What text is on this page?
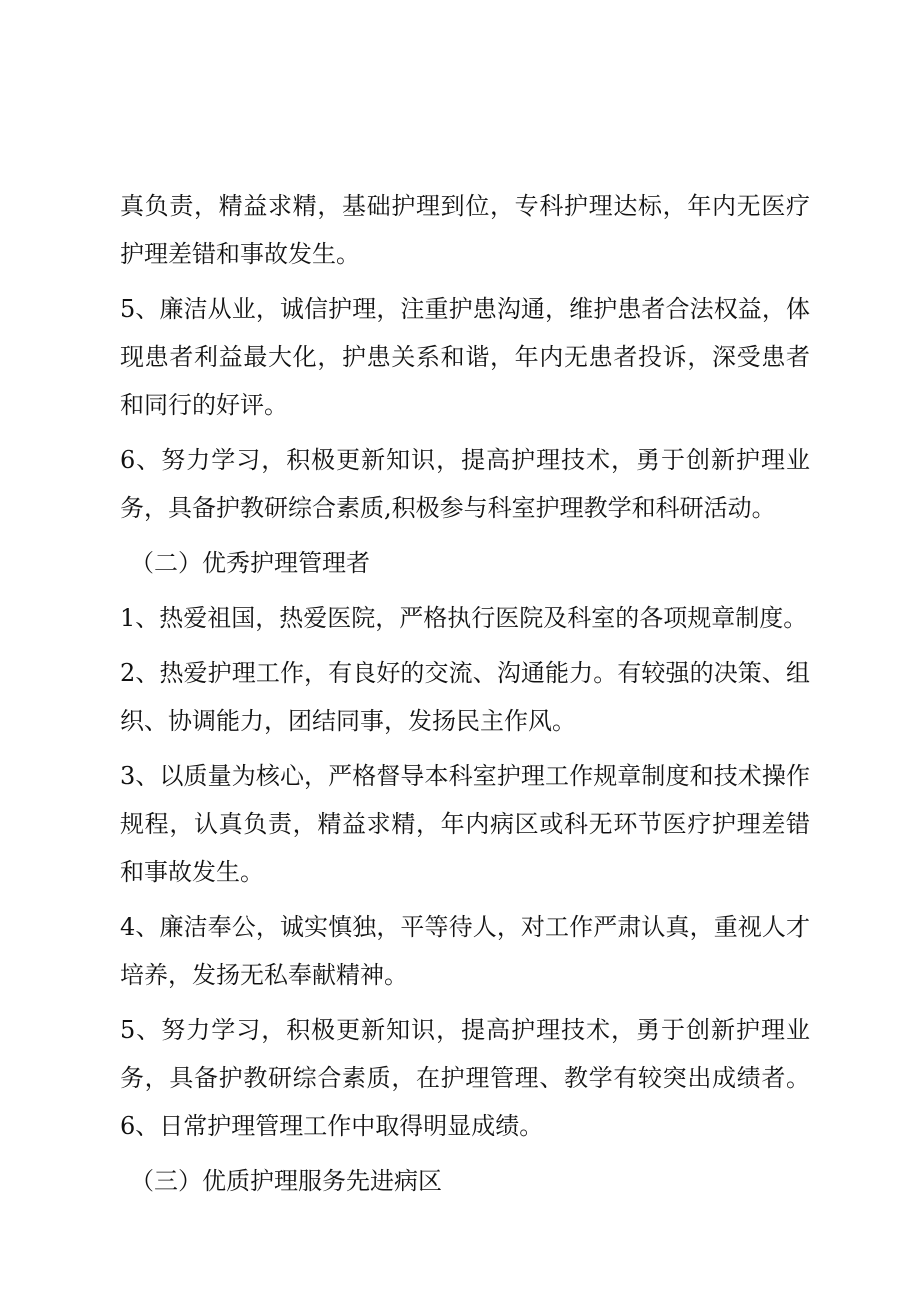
真负责，精益求精，基础护理到位，专科护理达标，年内无医疗护理差错和事故发生。

5、廉洁从业，诚信护理，注重护患沟通，维护患者合法权益，体现患者利益最大化，护患关系和谐，年内无患者投诉，深受患者和同行的好评。

6、努力学习，积极更新知识，提高护理技术，勇于创新护理业务，具备护教研综合素质,积极参与科室护理教学和科研活动。

（二）优秀护理管理者

1、热爱祖国，热爱医院，严格执行医院及科室的各项规章制度。

2、热爱护理工作，有良好的交流、沟通能力。有较强的决策、组织、协调能力，团结同事，发扬民主作风。

3、以质量为核心，严格督导本科室护理工作规章制度和技术操作规程，认真负责，精益求精，年内病区或科无环节医疗护理差错和事故发生。

4、廉洁奉公，诚实慎独，平等待人，对工作严肃认真，重视人才培养，发扬无私奉献精神。

5、努力学习，积极更新知识，提高护理技术，勇于创新护理业务，具备护教研综合素质，在护理管理、教学有较突出成绩者。6、日常护理管理工作中取得明显成绩。

（三）优质护理服务先进病区
